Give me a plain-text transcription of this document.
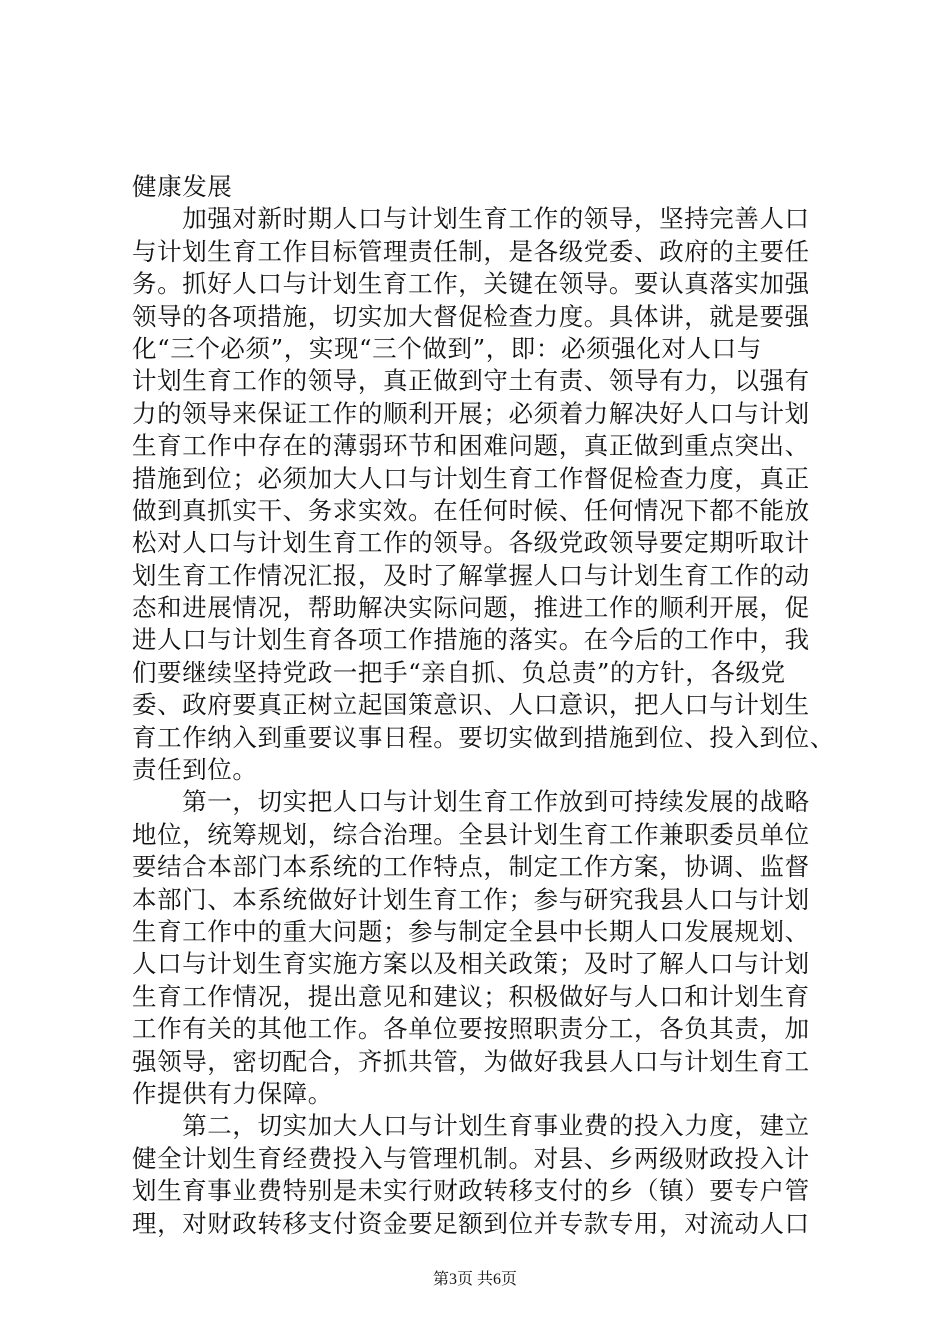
健康发展
　　加强对新时期人口与计划生育工作的领导，坚持完善人口
与计划生育工作目标管理责任制，是各级党委、政府的主要任
务。抓好人口与计划生育工作，关键在领导。要认真落实加强
领导的各项措施，切实加大督促检查力度。具体讲，就是要强
化“三个必须”，实现“三个做到”，即：必须强化对人口与
计划生育工作的领导，真正做到守土有责、领导有力，以强有
力的领导来保证工作的顺利开展；必须着力解决好人口与计划
生育工作中存在的薄弱环节和困难问题，真正做到重点突出、
措施到位；必须加大人口与计划生育工作督促检查力度，真正
做到真抓实干、务求实效。在任何时候、任何情况下都不能放
松对人口与计划生育工作的领导。各级党政领导要定期听取计
划生育工作情况汇报，及时了解掌握人口与计划生育工作的动
态和进展情况，帮助解决实际问题，推进工作的顺利开展，促
进人口与计划生育各项工作措施的落实。在今后的工作中，我
们要继续坚持党政一把手“亲自抓、负总责”的方针，各级党
委、政府要真正树立起国策意识、人口意识，把人口与计划生
育工作纳入到重要议事日程。要切实做到措施到位、投入到位、
责任到位。
　　第一，切实把人口与计划生育工作放到可持续发展的战略
地位，统筹规划，综合治理。全县计划生育工作兼职委员单位
要结合本部门本系统的工作特点，制定工作方案，协调、监督
本部门、本系统做好计划生育工作；参与研究我县人口与计划
生育工作中的重大问题；参与制定全县中长期人口发展规划、
人口与计划生育实施方案以及相关政策；及时了解人口与计划
生育工作情况，提出意见和建议；积极做好与人口和计划生育
工作有关的其他工作。各单位要按照职责分工，各负其责，加
强领导，密切配合，齐抓共管，为做好我县人口与计划生育工
作提供有力保障。
　　第二，切实加大人口与计划生育事业费的投入力度，建立
健全计划生育经费投入与管理机制。对县、乡两级财政投入计
划生育事业费特别是未实行财政转移支付的乡（镇）要专户管
理，对财政转移支付资金要足额到位并专款专用，对流动人口
第3页 共6页
